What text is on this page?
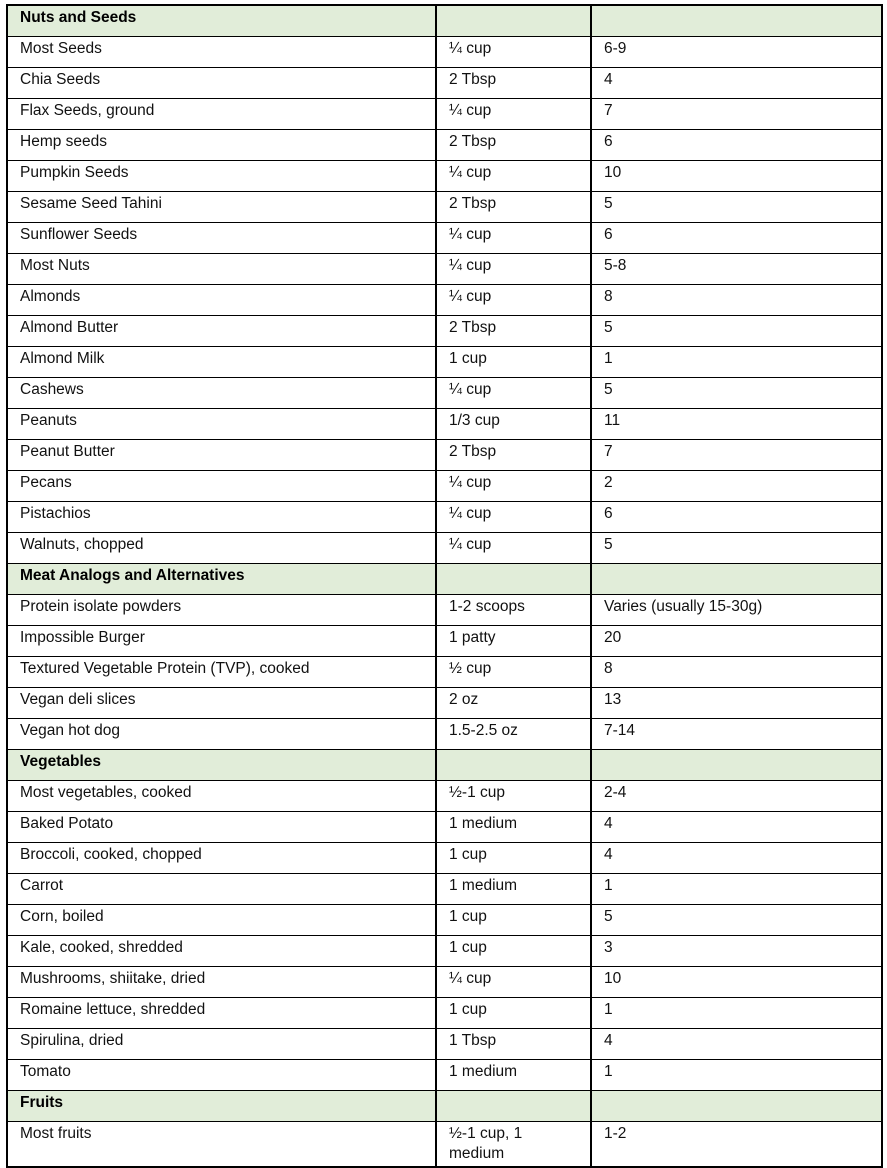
Nuts and Seeds		
Most Seeds	¼ cup	6-9
Chia Seeds	2 Tbsp	4
Flax Seeds, ground	¼ cup	7
Hemp seeds	2 Tbsp	6
Pumpkin Seeds	¼ cup	10
Sesame Seed Tahini	2 Tbsp	5
Sunflower Seeds	¼ cup	6
Most Nuts	¼ cup	5-8
Almonds	¼ cup	8
Almond Butter	2 Tbsp	5
Almond Milk	1 cup	1
Cashews	¼ cup	5
Peanuts	1/3 cup	11
Peanut Butter	2 Tbsp	7
Pecans	¼ cup	2
Pistachios	¼ cup	6
Walnuts, chopped	¼ cup	5
Meat Analogs and Alternatives		
Protein isolate powders	1-2 scoops	Varies (usually 15-30g)
Impossible Burger	1 patty	20
Textured Vegetable Protein (TVP), cooked	½ cup	8
Vegan deli slices	2 oz	13
Vegan hot dog	1.5-2.5 oz	7-14
Vegetables		
Most vegetables, cooked	½-1 cup	2-4
Baked Potato	1 medium	4
Broccoli, cooked, chopped	1 cup	4
Carrot	1 medium	1
Corn, boiled	1 cup	5
Kale, cooked, shredded	1 cup	3
Mushrooms, shiitake, dried	¼ cup	10
Romaine lettuce, shredded	1 cup	1
Spirulina, dried	1 Tbsp	4
Tomato	1 medium	1
Fruits		
Most fruits	½-1 cup, 1 medium	1-2
